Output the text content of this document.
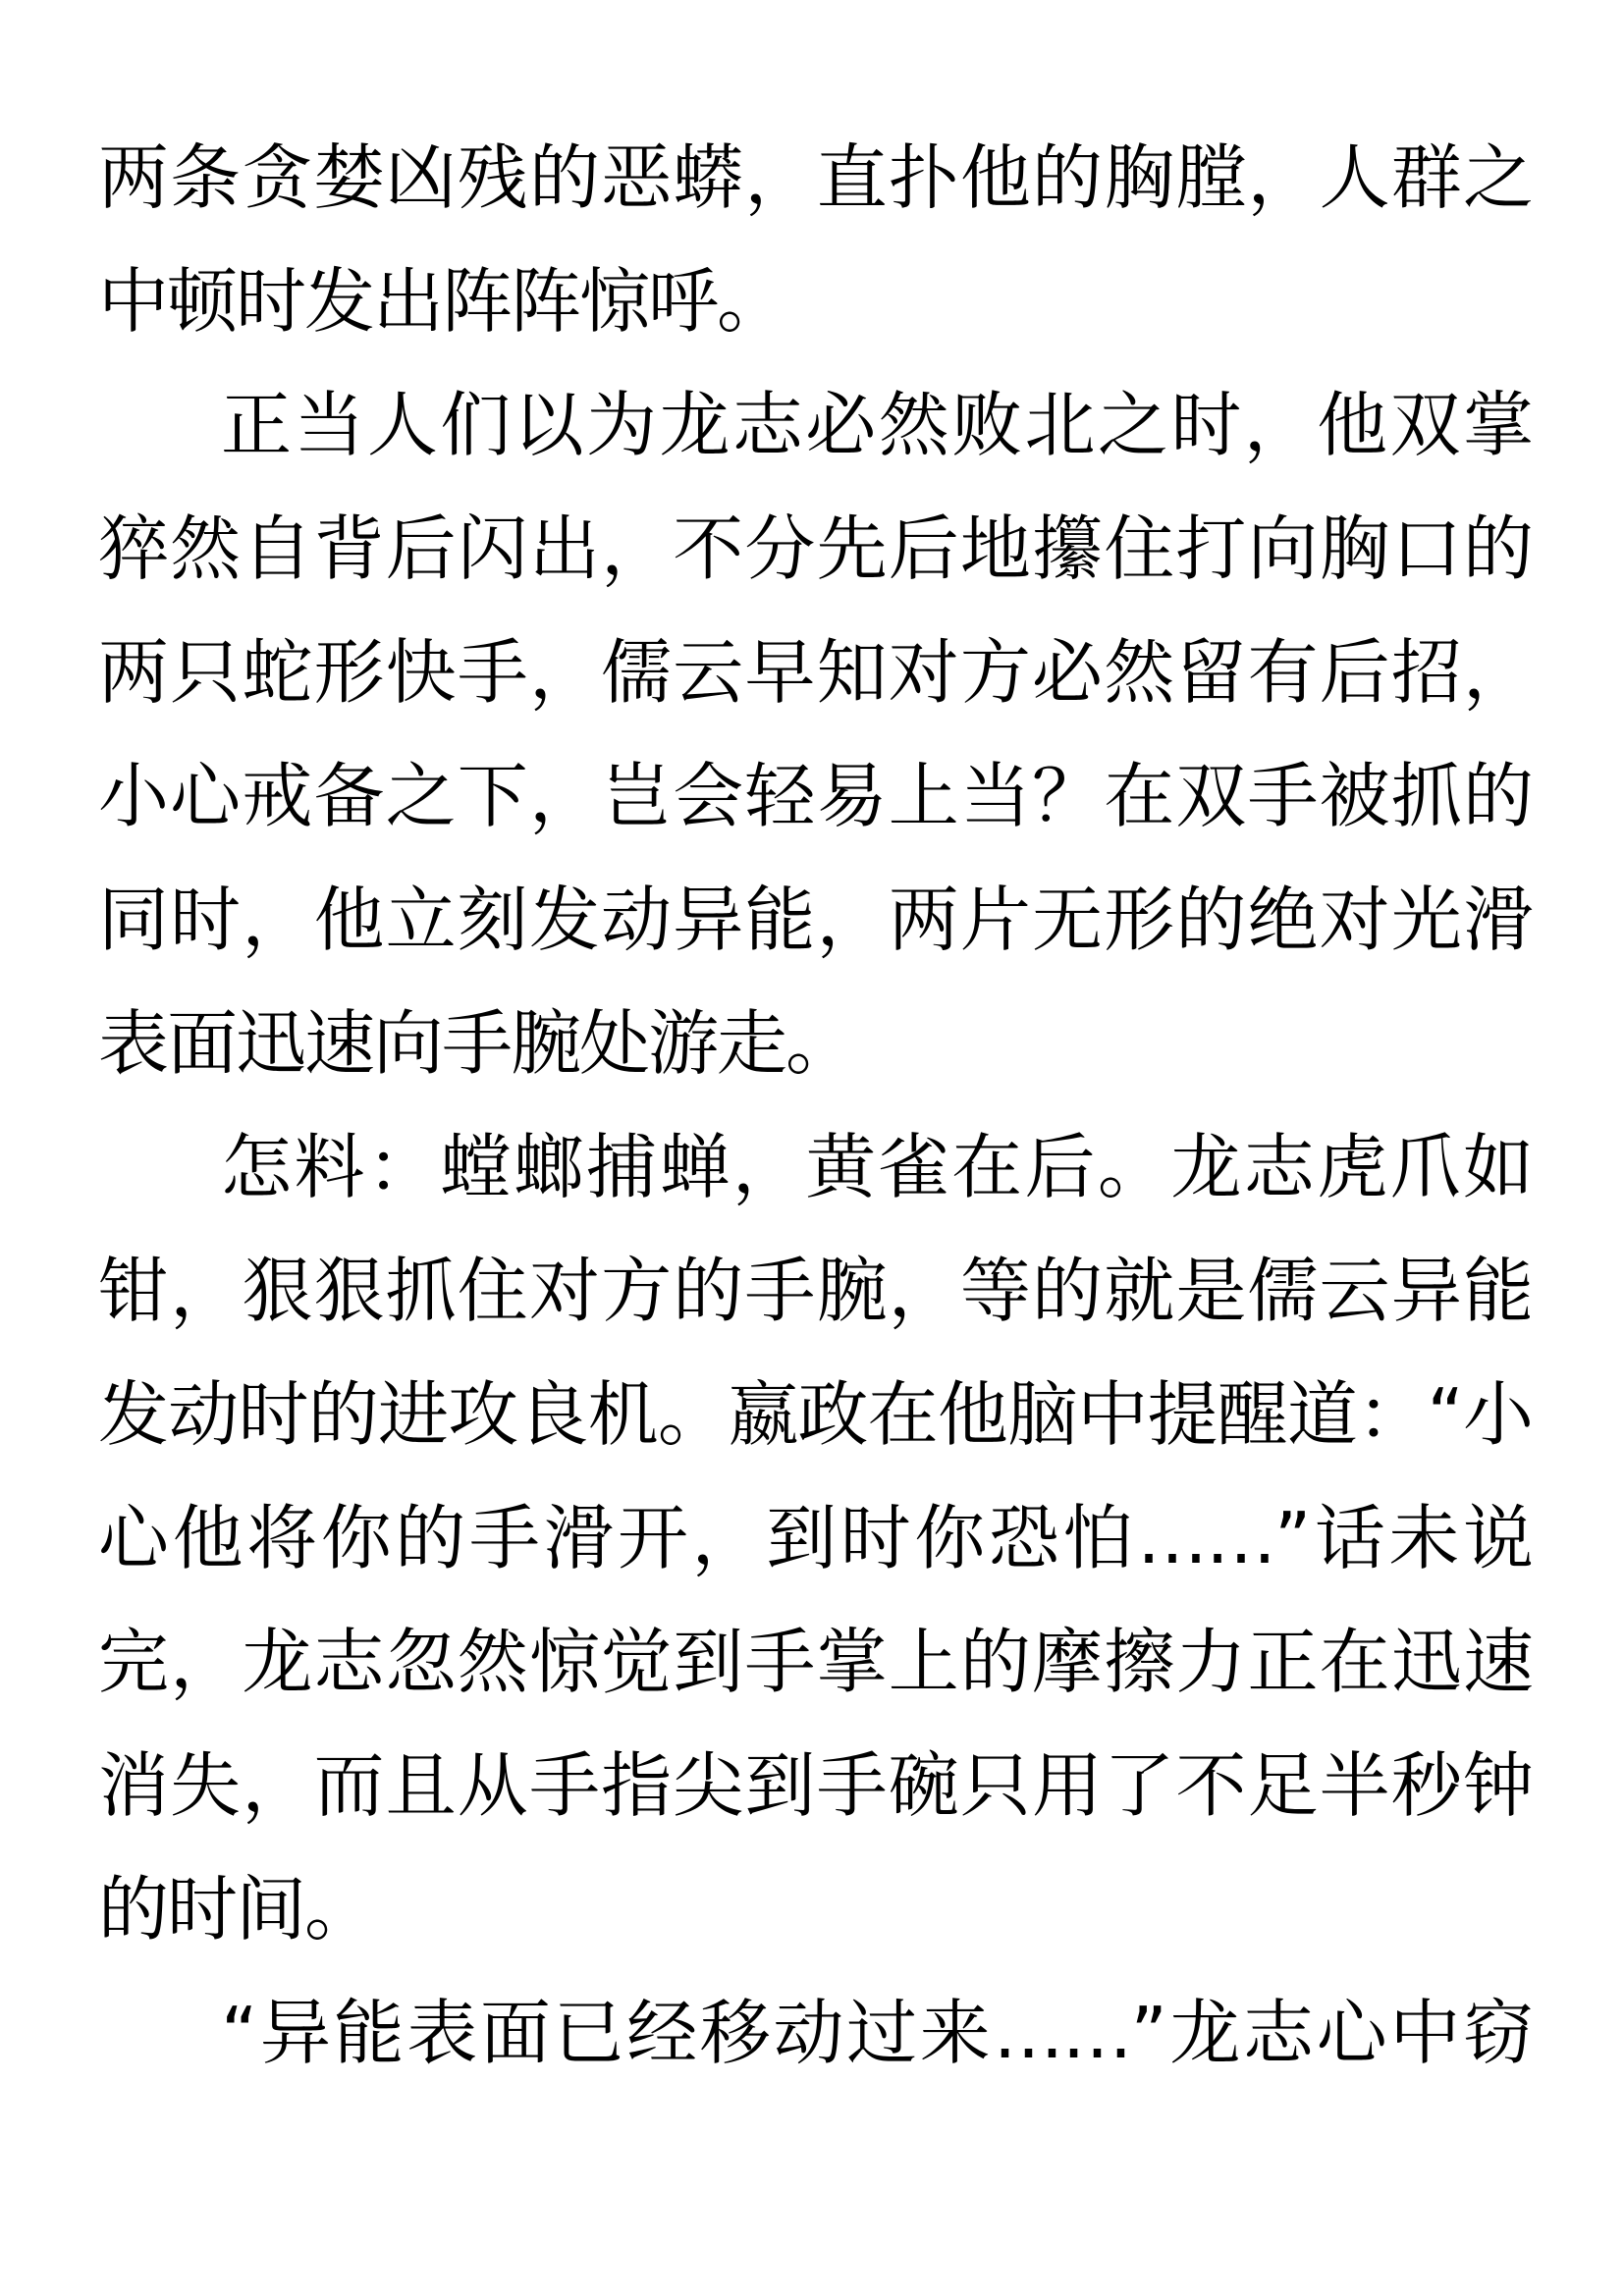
两条贪婪凶残的恶蟒，直扑他的胸膛，人群之
中顿时发出阵阵惊呼。
正当人们以为龙志必然败北之时，他双掌
猝然自背后闪出，不分先后地攥住打向胸口的
两只蛇形快手，儒云早知对方必然留有后招，
小心戒备之下，岂会轻易上当？在双手被抓的
同时，他立刻发动异能，两片无形的绝对光滑
表面迅速向手腕处游走。
怎料：螳螂捕蝉，黄雀在后。龙志虎爪如
钳，狠狠抓住对方的手腕，等的就是儒云异能
发动时的进攻良机。嬴政在他脑中提醒道：“小
心他将你的手滑开，到时你恐怕……”话未说
完，龙志忽然惊觉到手掌上的摩擦力正在迅速
消失，而且从手指尖到手碗只用了不足半秒钟
的时间。
“异能表面已经移动过来……”龙志心中窃
